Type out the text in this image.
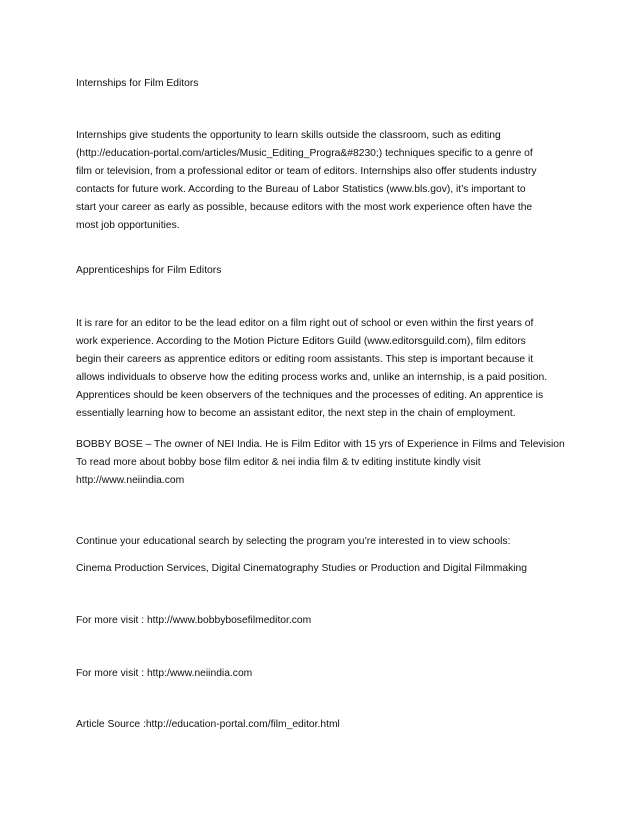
Internships for Film Editors

Internships give students the opportunity to learn skills outside the classroom, such as editing
(http://education-portal.com/articles/Music_Editing_Progra&#8230;) techniques specific to a genre of
film or television, from a professional editor or team of editors. Internships also offer students industry
contacts for future work. According to the Bureau of Labor Statistics (www.bls.gov), it’s important to
start your career as early as possible, because editors with the most work experience often have the
most job opportunities.

Apprenticeships for Film Editors

It is rare for an editor to be the lead editor on a film right out of school or even within the first years of
work experience. According to the Motion Picture Editors Guild (www.editorsguild.com), film editors
begin their careers as apprentice editors or editing room assistants. This step is important because it
allows individuals to observe how the editing process works and, unlike an internship, is a paid position.
Apprentices should be keen observers of the techniques and the processes of editing. An apprentice is
essentially learning how to become an assistant editor, the next step in the chain of employment.

BOBBY BOSE – The owner of NEI India. He is Film Editor with 15 yrs of Experience in Films and Television
To read more about bobby bose film editor & nei india film & tv editing institute kindly visit
http://www.neiindia.com

Continue your educational search by selecting the program you’re interested in to view schools:

Cinema Production Services, Digital Cinematography Studies or Production and Digital Filmmaking

For more visit : http://www.bobbybosefilmeditor.com

For more visit : http:/www.neiindia.com

Article Source :http://education-portal.com/film_editor.html
